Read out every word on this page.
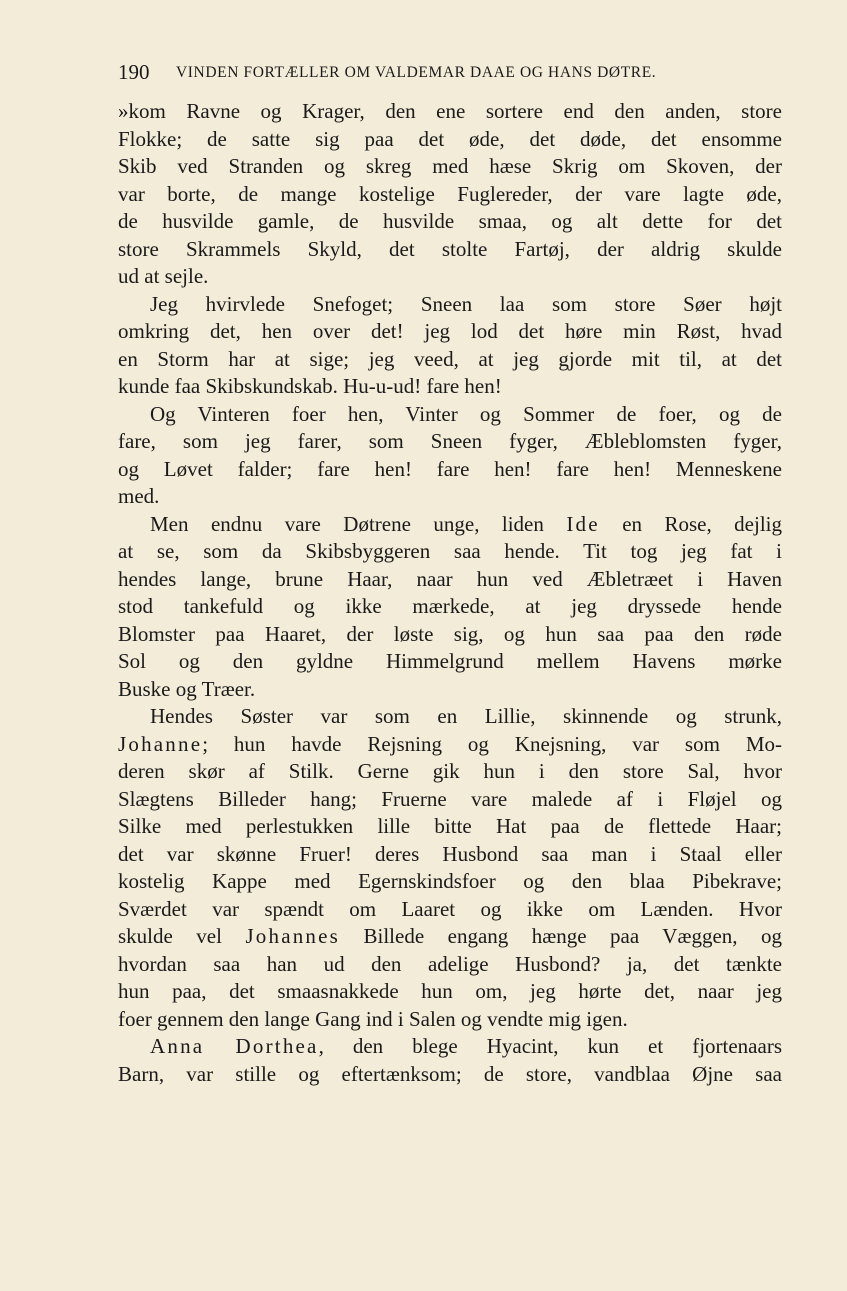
190 VINDEN FORTÆLLER OM VALDEMAR DAAE OG HANS DØTRE.
»kom Ravne og Krager, den ene sortere end den anden, store
Flokke; de satte sig paa det øde, det døde, det ensomme
Skib ved Stranden og skreg med hæse Skrig om Skoven, der
var borte, de mange kostelige Fuglereder, der vare lagte øde,
de husvilde gamle, de husvilde smaa, og alt dette for det
store Skrammels Skyld, det stolte Fartøj, der aldrig skulde
ud at sejle.
Jeg hvirvlede Snefoget; Sneen laa som store Søer højt
omkring det, hen over det! jeg lod det høre min Røst, hvad
en Storm har at sige; jeg veed, at jeg gjorde mit til, at det
kunde faa Skibskundskab. Hu-u-ud! fare hen!
Og Vinteren foer hen, Vinter og Sommer de foer, og de
fare, som jeg farer, som Sneen fyger, Æbleblomsten fyger,
og Løvet falder; fare hen! fare hen! fare hen! Menneskene
med.
Men endnu vare Døtrene unge, liden Ide en Rose, dejlig
at se, som da Skibsbyggeren saa hende. Tit tog jeg fat i
hendes lange, brune Haar, naar hun ved Æbletræet i Haven
stod tankefuld og ikke mærkede, at jeg dryssede hende
Blomster paa Haaret, der løste sig, og hun saa paa den røde
Sol og den gyldne Himmelgrund mellem Havens mørke
Buske og Træer.
Hendes Søster var som en Lillie, skinnende og strunk,
Johanne; hun havde Rejsning og Knejsning, var som Mo-
deren skør af Stilk. Gerne gik hun i den store Sal, hvor
Slægtens Billeder hang; Fruerne vare malede af i Fløjel og
Silke med perlestukken lille bitte Hat paa de flettede Haar;
det var skønne Fruer! deres Husbond saa man i Staal eller
kostelig Kappe med Egernskindsfoer og den blaa Pibekrave;
Sværdet var spændt om Laaret og ikke om Lænden. Hvor
skulde vel Johannes Billede engang hænge paa Væggen, og
hvordan saa han ud den adelige Husbond? ja, det tænkte
hun paa, det smaasnakkede hun om, jeg hørte det, naar jeg
foer gennem den lange Gang ind i Salen og vendte mig igen.
Anna Dorthea, den blege Hyacint, kun et fjortenaars
Barn, var stille og eftertænksom; de store, vandblaa Øjne saa
